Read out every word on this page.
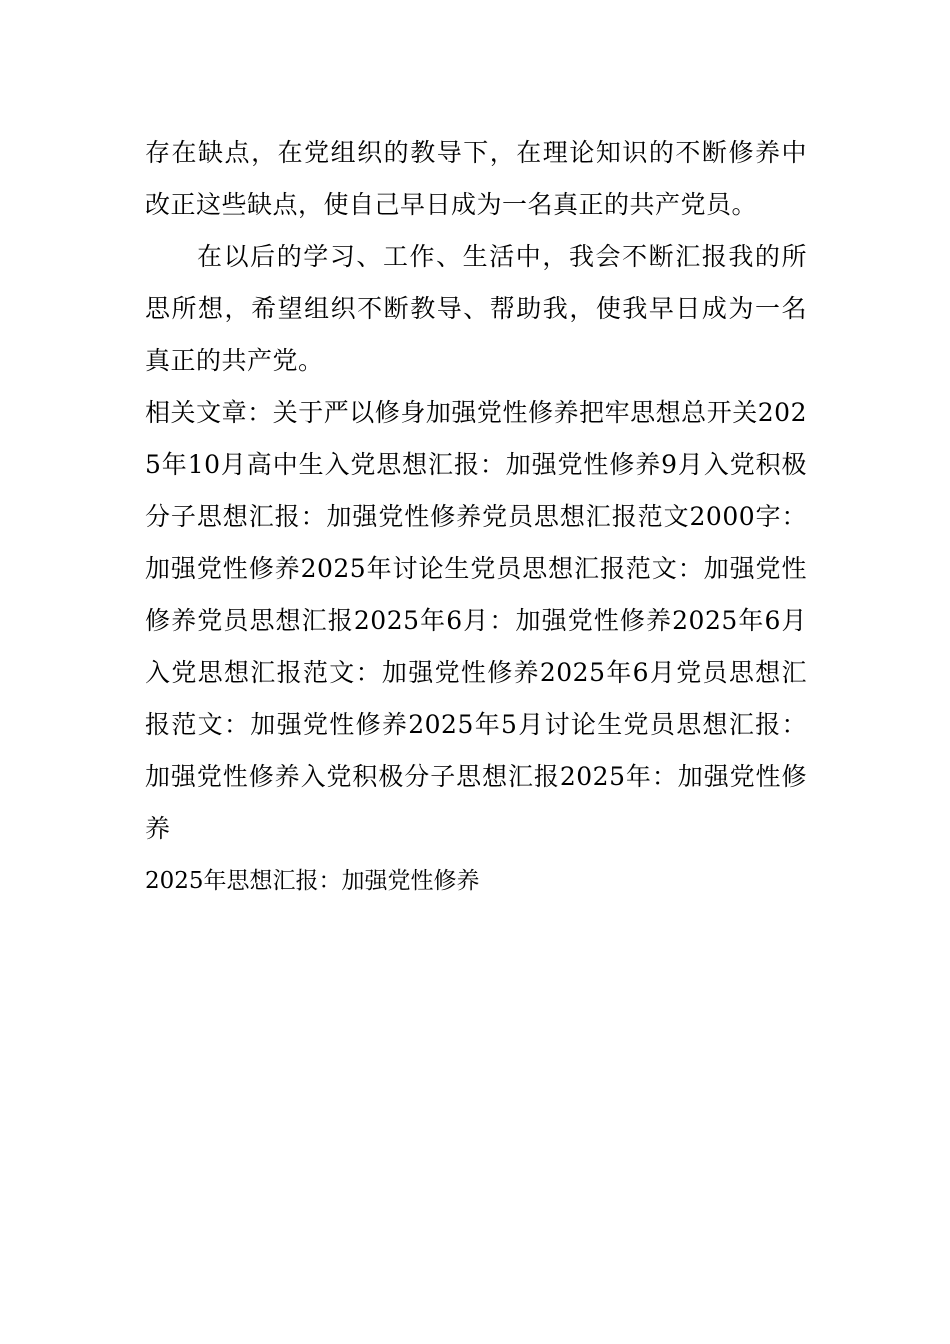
存在缺点，在党组织的教导下，在理论知识的不断修养中改正这些缺点，使自己早日成为一名真正的共产党员。

在以后的学习、工作、生活中，我会不断汇报我的所思所想，希望组织不断教导、帮助我，使我早日成为一名真正的共产党。

相关文章：关于严以修身加强党性修养把牢思想总开关2025年10月高中生入党思想汇报：加强党性修养9月入党积极分子思想汇报：加强党性修养党员思想汇报范文2000字：加强党性修养2025年讨论生党员思想汇报范文：加强党性修养党员思想汇报2025年6月：加强党性修养2025年6月入党思想汇报范文：加强党性修养2025年6月党员思想汇报范文：加强党性修养2025年5月讨论生党员思想汇报：加强党性修养入党积极分子思想汇报2025年：加强党性修养

2025年思想汇报：加强党性修养
